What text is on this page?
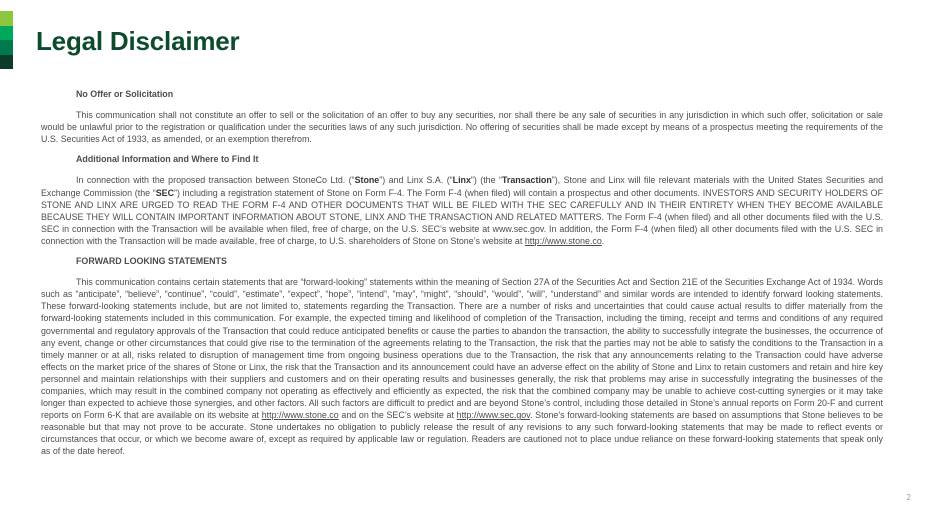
Legal Disclaimer

No Offer or Solicitation

This communication shall not constitute an offer to sell or the solicitation of an offer to buy any securities, nor shall there be any sale of securities in any jurisdiction in which such offer, solicitation or sale would be unlawful prior to the registration or qualification under the securities laws of any such jurisdiction. No offering of securities shall be made except by means of a prospectus meeting the requirements of the U.S. Securities Act of 1933, as amended, or an exemption therefrom.

Additional Information and Where to Find It

In connection with the proposed transaction between StoneCo Ltd. (“Stone”) and Linx S.A. (“Linx”) (the “Transaction”), Stone and Linx will file relevant materials with the United States Securities and Exchange Commission (the “SEC”) including a registration statement of Stone on Form F-4. The Form F-4 (when filed) will contain a prospectus and other documents. INVESTORS AND SECURITY HOLDERS OF STONE AND LINX ARE URGED TO READ THE FORM F-4 AND OTHER DOCUMENTS THAT WILL BE FILED WITH THE SEC CAREFULLY AND IN THEIR ENTIRETY WHEN THEY BECOME AVAILABLE BECAUSE THEY WILL CONTAIN IMPORTANT INFORMATION ABOUT STONE, LINX AND THE TRANSACTION AND RELATED MATTERS. The Form F-4 (when filed) and all other documents filed with the U.S. SEC in connection with the Transaction will be available when filed, free of charge, on the U.S. SEC’s website at www.sec.gov. In addition, the Form F-4 (when filed) all other documents filed with the U.S. SEC in connection with the Transaction will be made available, free of charge, to U.S. shareholders of Stone on Stone’s website at http://www.stone.co.

FORWARD LOOKING STATEMENTS

This communication contains certain statements that are “forward-looking” statements within the meaning of Section 27A of the Securities Act and Section 21E of the Securities Exchange Act of 1934. Words such as “anticipate”, “believe”, “continue”, “could”, “estimate”, “expect”, “hope”, “intend”, “may”, “might”, “should”, “would”, “will”, “understand” and similar words are intended to identify forward looking statements. These forward-looking statements include, but are not limited to, statements regarding the Transaction. There are a number of risks and uncertainties that could cause actual results to differ materially from the forward-looking statements included in this communication. For example, the expected timing and likelihood of completion of the Transaction, including the timing, receipt and terms and conditions of any required governmental and regulatory approvals of the Transaction that could reduce anticipated benefits or cause the parties to abandon the transaction, the ability to successfully integrate the businesses, the occurrence of any event, change or other circumstances that could give rise to the termination of the agreements relating to the Transaction, the risk that the parties may not be able to satisfy the conditions to the Transaction in a timely manner or at all, risks related to disruption of management time from ongoing business operations due to the Transaction, the risk that any announcements relating to the Transaction could have adverse effects on the market price of the shares of Stone or Linx, the risk that the Transaction and its announcement could have an adverse effect on the ability of Stone and Linx to retain customers and retain and hire key personnel and maintain relationships with their suppliers and customers and on their operating results and businesses generally, the risk that problems may arise in successfully integrating the businesses of the companies, which may result in the combined company not operating as effectively and efficiently as expected, the risk that the combined company may be unable to achieve cost-cutting synergies or it may take longer than expected to achieve those synergies, and other factors. All such factors are difficult to predict and are beyond Stone’s control, including those detailed in Stone’s annual reports on Form 20-F and current reports on Form 6-K that are available on its website at http://www.stone.co and on the SEC’s website at http://www.sec.gov. Stone’s forward-looking statements are based on assumptions that Stone believes to be reasonable but that may not prove to be accurate. Stone undertakes no obligation to publicly release the result of any revisions to any such forward-looking statements that may be made to reflect events or circumstances that occur, or which we become aware of, except as required by applicable law or regulation. Readers are cautioned not to place undue reliance on these forward-looking statements that speak only as of the date hereof.

2
